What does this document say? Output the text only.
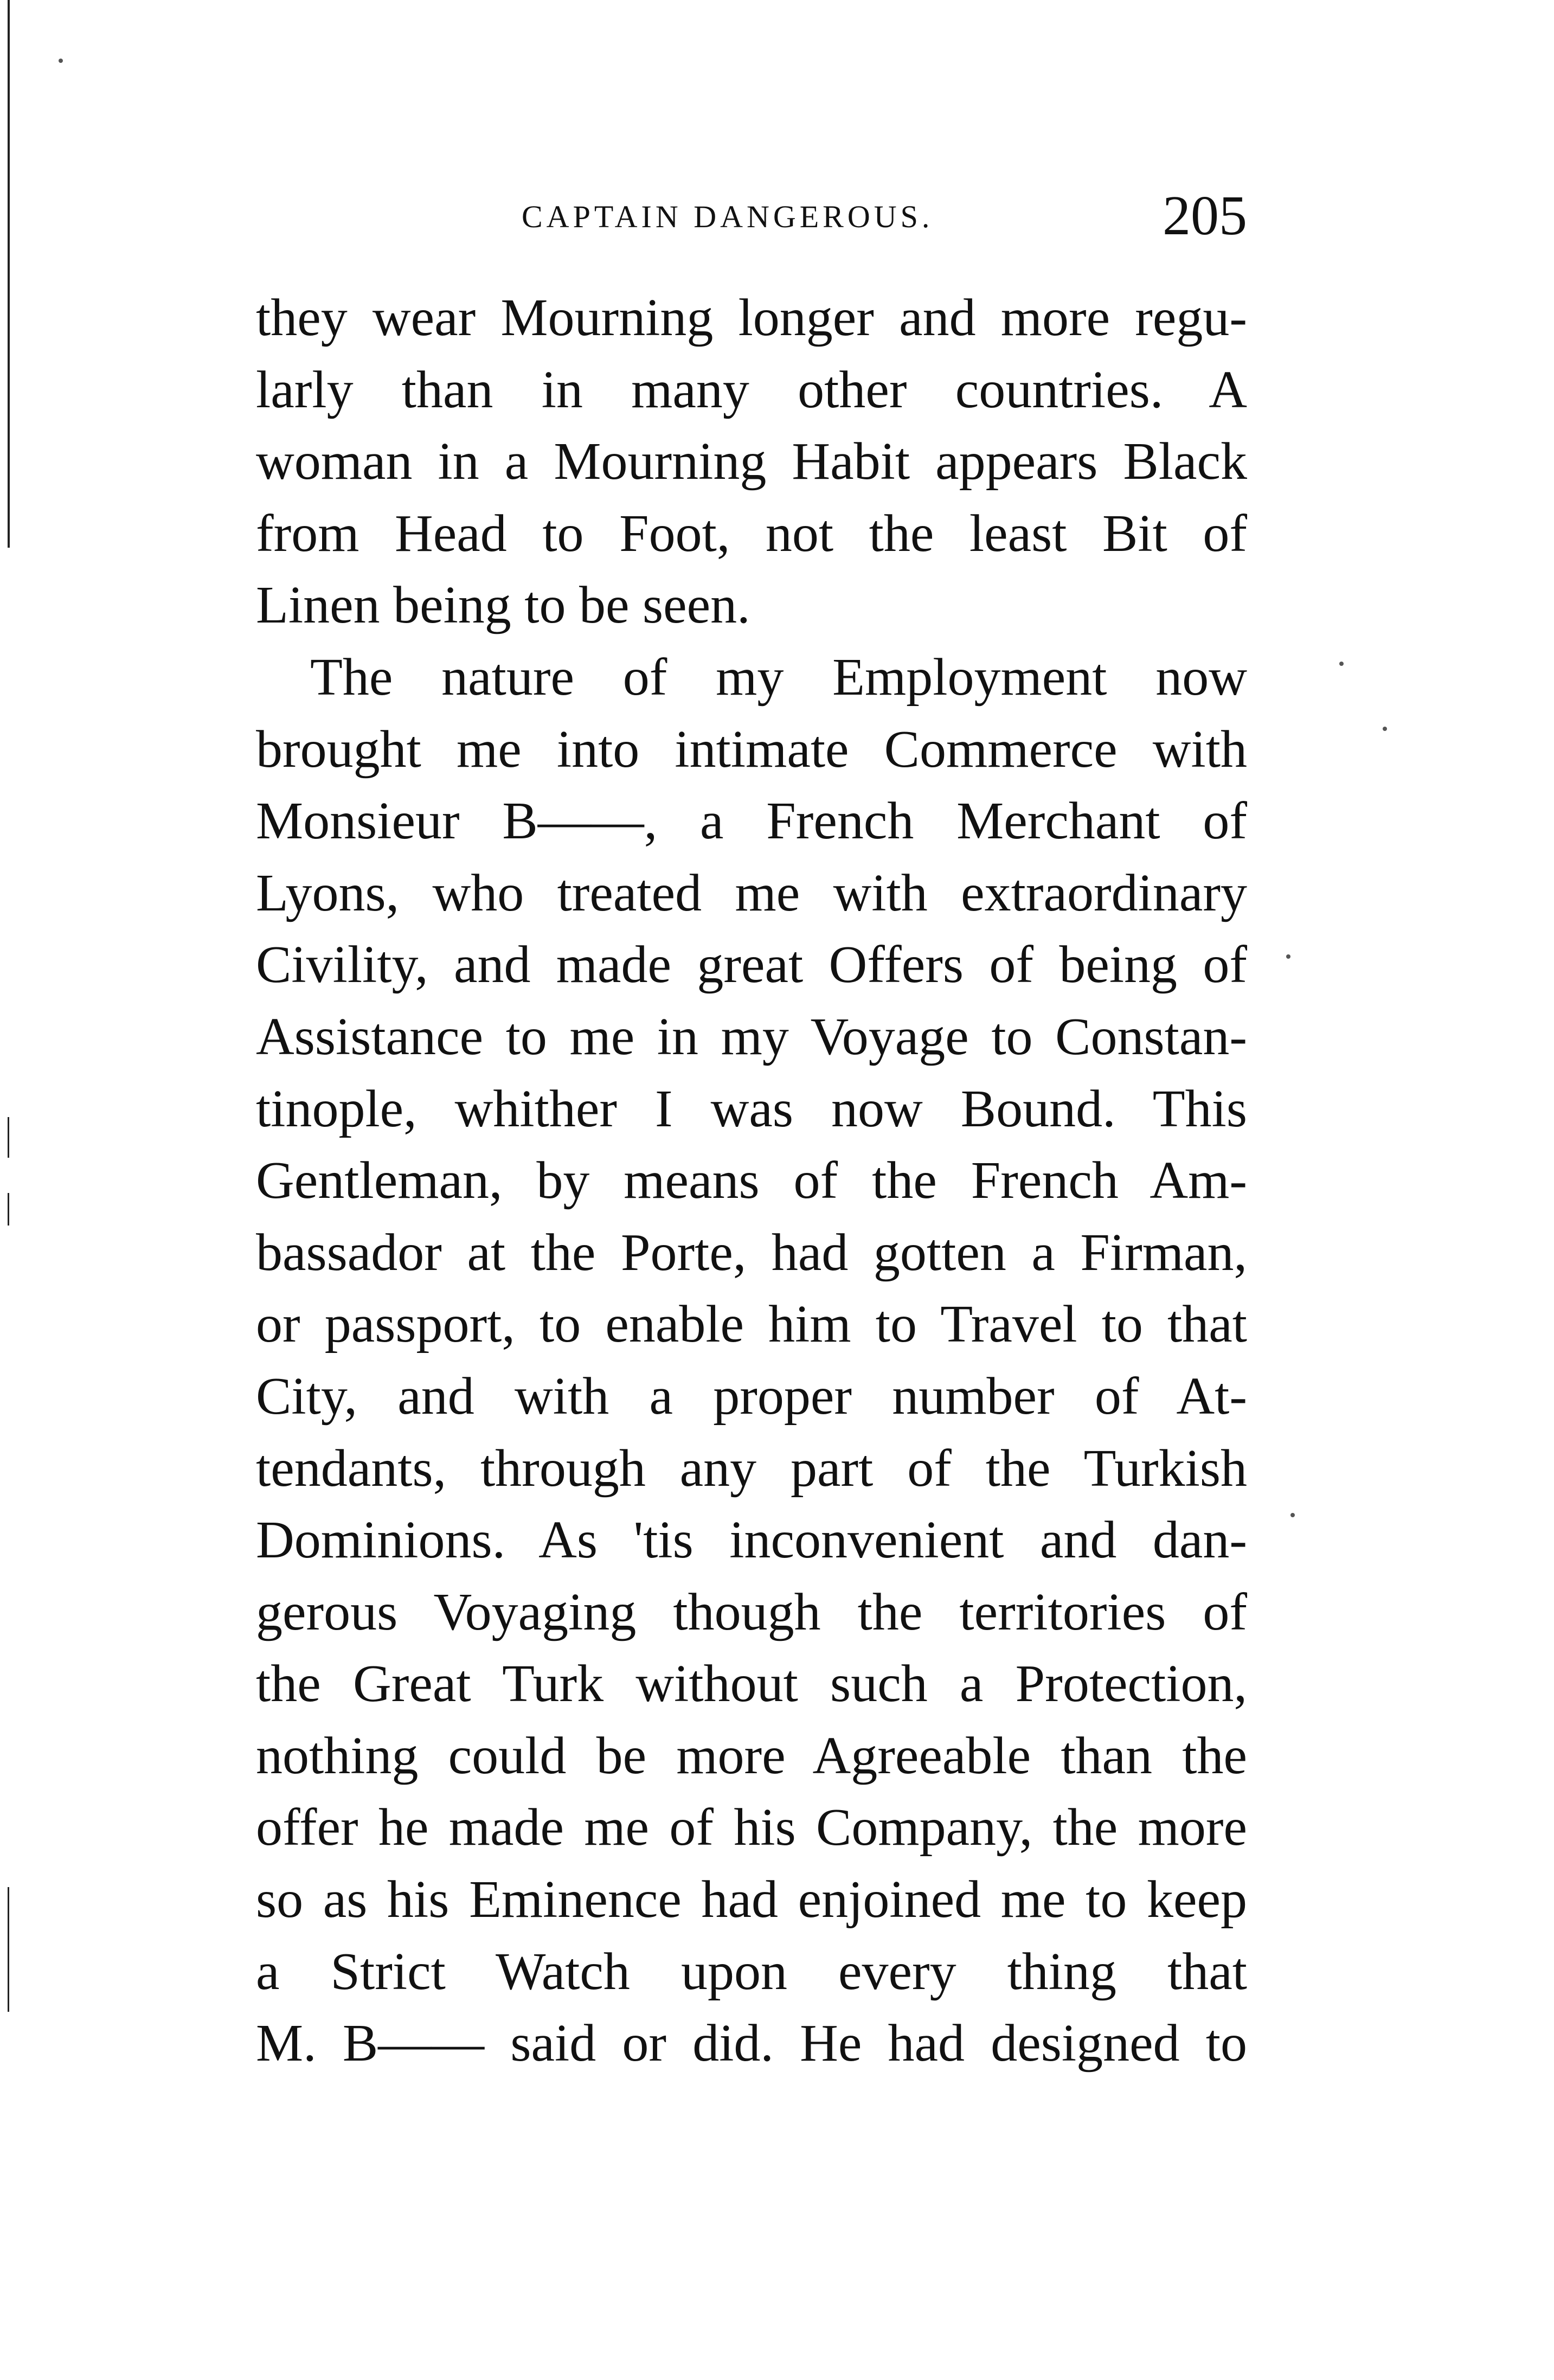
CAPTAIN DANGEROUS.	205
they wear Mourning longer and more regu-
larly than in many other countries. A
woman in a Mourning Habit appears Black
from Head to Foot, not the least Bit of
Linen being to be seen.
The nature of my Employment now
brought me into intimate Commerce with
Monsieur B——, a French Merchant of
Lyons, who treated me with extraordinary
Civility, and made great Offers of being of
Assistance to me in my Voyage to Constan-
tinople, whither I was now Bound. This
Gentleman, by means of the French Am-
bassador at the Porte, had gotten a Firman,
or passport, to enable him to Travel to that
City, and with a proper number of At-
tendants, through any part of the Turkish
Dominions. As 'tis inconvenient and dan-
gerous Voyaging though the territories of
the Great Turk without such a Protection,
nothing could be more Agreeable than the
offer he made me of his Company, the more
so as his Eminence had enjoined me to keep
a Strict Watch upon every thing that
M. B—— said or did. He had designed to
